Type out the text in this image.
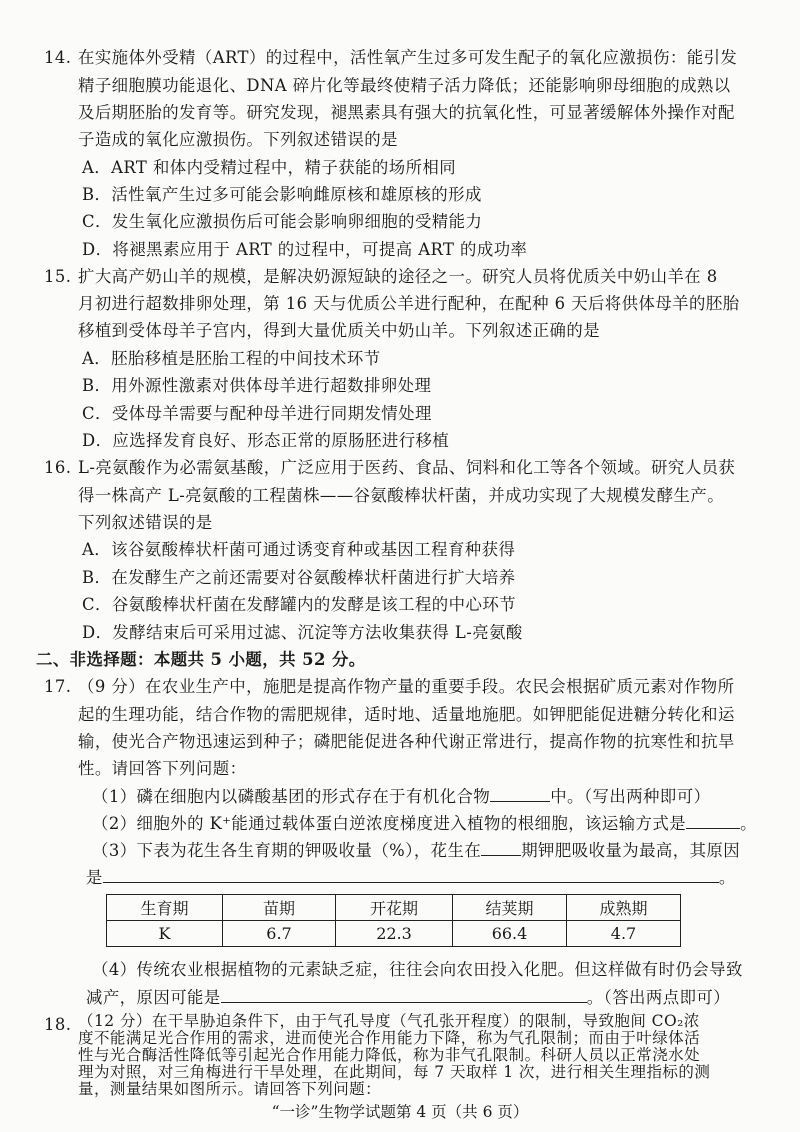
14. 在实施体外受精（ART）的过程中，活性氧产生过多可发生配子的氧化应激损伤：能引发
精子细胞膜功能退化、DNA 碎片化等最终使精子活力降低；还能影响卵母细胞的成熟以
及后期胚胎的发育等。研究发现，褪黑素具有强大的抗氧化性，可显著缓解体外操作对配
子造成的氧化应激损伤。下列叙述错误的是
A．ART 和体内受精过程中，精子获能的场所相同
B．活性氧产生过多可能会影响雌原核和雄原核的形成
C．发生氧化应激损伤后可能会影响卵细胞的受精能力
D．将褪黑素应用于 ART 的过程中，可提高 ART 的成功率
15. 扩大高产奶山羊的规模，是解决奶源短缺的途径之一。研究人员将优质关中奶山羊在 8
月初进行超数排卵处理，第 16 天与优质公羊进行配种，在配种 6 天后将供体母羊的胚胎
移植到受体母羊子宫内，得到大量优质关中奶山羊。下列叙述正确的是
A．胚胎移植是胚胎工程的中间技术环节
B．用外源性激素对供体母羊进行超数排卵处理
C．受体母羊需要与配种母羊进行同期发情处理
D．应选择发育良好、形态正常的原肠胚进行移植
16. L-亮氨酸作为必需氨基酸，广泛应用于医药、食品、饲料和化工等各个领域。研究人员获
得一株高产 L-亮氨酸的工程菌株——谷氨酸棒状杆菌，并成功实现了大规模发酵生产。
下列叙述错误的是
A．该谷氨酸棒状杆菌可通过诱变育种或基因工程育种获得
B．在发酵生产之前还需要对谷氨酸棒状杆菌进行扩大培养
C．谷氨酸棒状杆菌在发酵罐内的发酵是该工程的中心环节
D．发酵结束后可采用过滤、沉淀等方法收集获得 L-亮氨酸
二、非选择题：本题共 5 小题，共 52 分。
17. （9 分）在农业生产中，施肥是提高作物产量的重要手段。农民会根据矿质元素对作物所
起的生理功能，结合作物的需肥规律，适时地、适量地施肥。如钾肥能促进糖分转化和运
输，使光合产物迅速运到种子；磷肥能促进各种代谢正常进行，提高作物的抗寒性和抗旱
性。请回答下列问题：
（1）磷在细胞内以磷酸基团的形式存在于有机化合物	中。（写出两种即可）
（2）细胞外的 K⁺能通过载体蛋白逆浓度梯度进入植物的根细胞，该运输方式是	。
（3）下表为花生各生育期的钾吸收量（%），花生在 期钾肥吸收量为最高，其原因
是	。
生育期	苗期	开花期	结荚期	成熟期
K	6.7	22.3	66.4	4.7
（4）传统农业根据植物的元素缺乏症，往往会向农田投入化肥。但这样做有时仍会导致
减产，原因可能是	。（答出两点即可）
18. （12 分）在干旱胁迫条件下，由于气孔导度（气孔张开程度）的限制，导致胞间 CO₂浓
度不能满足光合作用的需求，进而使光合作用能力下降，称为气孔限制；而由于叶绿体活
性与光合酶活性降低等引起光合作用能力降低，称为非气孔限制。科研人员以正常浇水处
理为对照，对三角梅进行干旱处理，在此期间，每 7 天取样 1 次，进行相关生理指标的测
量，测量结果如图所示。请回答下列问题：
“一诊”生物学试题第 4 页（共 6 页）
